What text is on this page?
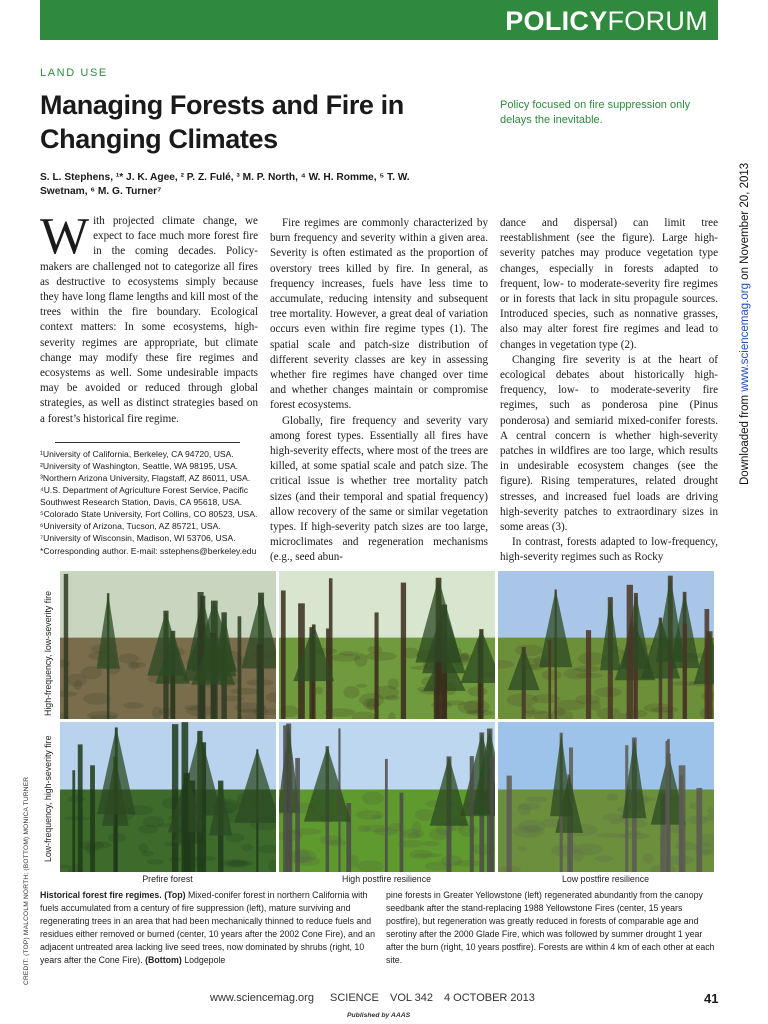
POLICYFORUM
LAND USE
Managing Forests and Fire in Changing Climates
Policy focused on fire suppression only delays the inevitable.
S. L. Stephens, ¹* J. K. Agee, ² P. Z. Fulé, ³ M. P. North, ⁴ W. H. Romme, ⁵ T. W. Swetnam, ⁶ M. G. Turner⁷

With projected climate change, we expect to face much more forest fire in the coming decades. Policy-makers are challenged not to categorize all fires as destructive to ecosystems simply because they have long flame lengths and kill most of the trees within the fire boundary. Ecological context matters: In some ecosystems, high-severity regimes are appropriate, but climate change may modify these fire regimes and ecosystems as well. Some undesirable impacts may be avoided or reduced through global strategies, as well as distinct strategies based on a forest’s historical fire regime.

¹University of California, Berkeley, CA 94720, USA. ²University of Washington, Seattle, WA 98195, USA. ³Northern Arizona University, Flagstaff, AZ 86011, USA. ⁴U.S. Department of Agriculture Forest Service, Pacific Southwest Research Station, Davis, CA 95618, USA. ⁵Colorado State University, Fort Collins, CO 80523, USA. ⁶University of Arizona, Tucson, AZ 85721, USA. ⁷University of Wisconsin, Madison, WI 53706, USA.
*Corresponding author. E-mail: sstephens@berkeley.edu

Fire regimes are commonly characterized by burn frequency and severity within a given area. Severity is often estimated as the proportion of overstory trees killed by fire. In general, as frequency increases, fuels have less time to accumulate, reducing intensity and subsequent tree mortality. However, a great deal of variation occurs even within fire regime types (1). The spatial scale and patch-size distribution of different severity classes are key in assessing whether fire regimes have changed over time and whether changes maintain or compromise forest ecosystems.

Globally, fire frequency and severity vary among forest types. Essentially all fires have high-severity effects, where most of the trees are killed, at some spatial scale and patch size. The critical issue is whether tree mortality patch sizes (and their temporal and spatial frequency) allow recovery of the same or similar vegetation types. If high-severity patch sizes are too large, microclimates and regeneration mechanisms (e.g., seed abun-

dance and dispersal) can limit tree reestablishment (see the figure). Large high-severity patches may produce vegetation type changes, especially in forests adapted to frequent, low- to moderate-severity fire regimes or in forests that lack in situ propagule sources. Introduced species, such as nonnative grasses, also may alter forest fire regimes and lead to changes in vegetation type (2).

Changing fire severity is at the heart of ecological debates about historically high-frequency, low- to moderate-severity fire regimes, such as ponderosa pine (Pinus ponderosa) and semiarid mixed-conifer forests. A central concern is whether high-severity patches in wildfires are too large, which results in undesirable ecosystem changes (see the figure). Rising temperatures, related drought stresses, and increased fuel loads are driving high-severity patches to extraordinary sizes in some areas (3).

In contrast, forests adapted to low-frequency, high-severity regimes such as Rocky

Downloaded from www.sciencemag.org on November 20, 2013
CREDIT: (TOP) MALCOLM NORTH; (BOTTOM) MONICA TURNER
High-frequency, low-severity fire
Low-frequency, high-severity fire
Prefire forest	High postfire resilience	Low postfire resilience
Historical forest fire regimes. (Top) Mixed-conifer forest in northern California with fuels accumulated from a century of fire suppression (left), mature surviving and regenerating trees in an area that had been mechanically thinned to reduce fuels and residues either removed or burned (center, 10 years after the 2002 Cone Fire), and an adjacent untreated area lacking live seed trees, now dominated by shrubs (right, 10 years after the Cone Fire). (Bottom) Lodgepole
pine forests in Greater Yellowstone (left) regenerated abundantly from the canopy seedbank after the stand-replacing 1988 Yellowstone Fires (center, 15 years postfire), but regeneration was greatly reduced in forests of comparable age and serotiny after the 2000 Glade Fire, which was followed by summer drought 1 year after the burn (right, 10 years postfire). Forests are within 4 km of each other at each site.
www.sciencemag.org SCIENCE VOL 342 4 OCTOBER 2013	41
Published by AAAS
